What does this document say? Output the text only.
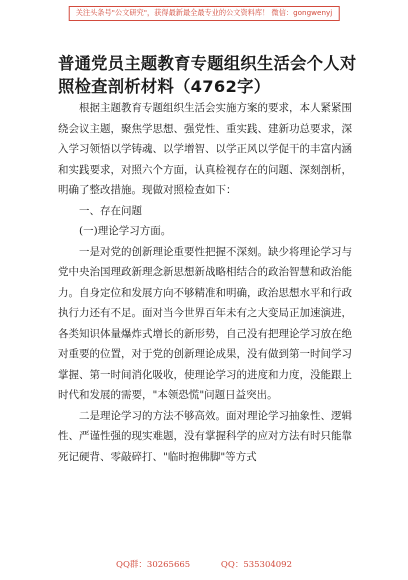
关注头条号"公文研究"，获得最新最全最专业的公文资料库！ 微信：gongwenyj
普通党员主题教育专题组织生活会个人对照检查剖析材料（4762字）

根据主题教育专题组织生活会实施方案的要求，本人紧紧围绕会议主题，聚焦学思想、强党性、重实践、建新功总要求，深入学习领悟以学铸魂、以学增智、以学正风以学促干的丰富内涵和实践要求，对照六个方面，认真检视存在的问题、深刻剖析，明确了整改措施。现做对照检查如下：

一、存在问题

(一)理论学习方面。

一是对党的创新理论重要性把握不深刻。缺少将理论学习与党中央治国理政新理念新思想新战略相结合的政治智慧和政治能力。自身定位和发展方向不够精准和明确，政治思想水平和行政执行力还有不足。面对当今世界百年未有之大变局正加速演进，各类知识体量爆炸式增长的新形势，自己没有把理论学习放在绝对重要的位置，对于党的创新理论成果，没有做到第一时间学习掌握、第一时间消化吸收，使理论学习的进度和力度，没能跟上时代和发展的需要，"本领恐慌"问题日益突出。

二是理论学习的方法不够高效。面对理论学习抽象性、逻辑性、严谨性强的现实难题，没有掌握科学的应对方法有时只能靠死记硬背、零敲碎打、"临时抱佛脚"等方式

QQ群：30265665	QQ：535304092
